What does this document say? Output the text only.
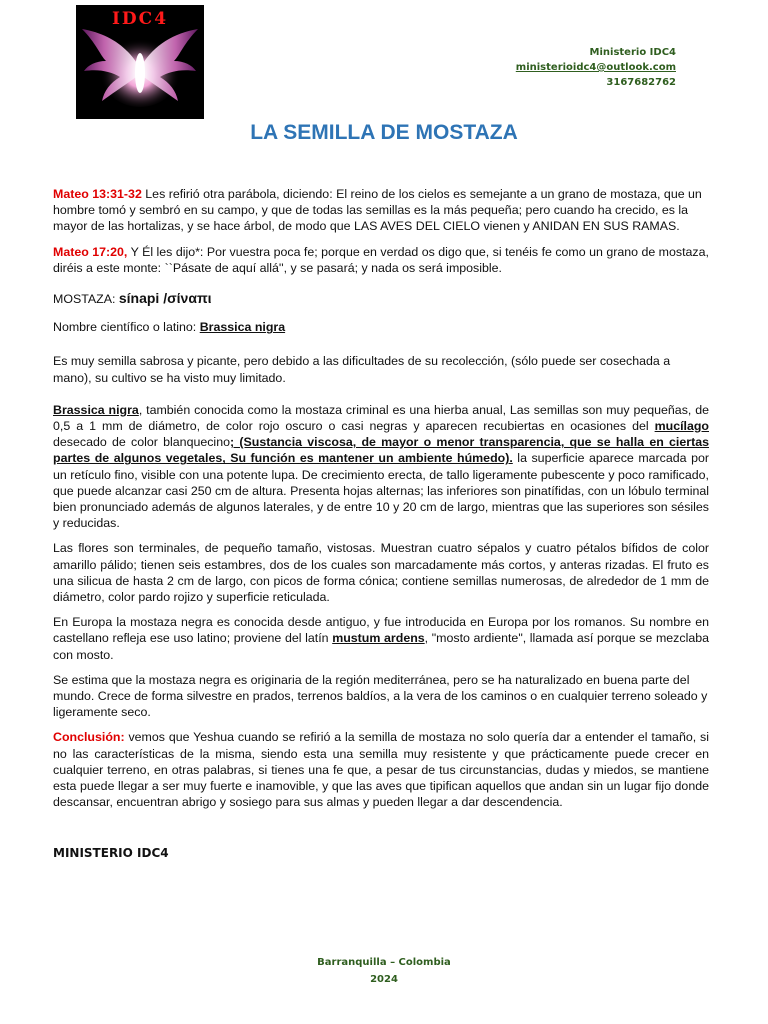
IDC4
Ministerio IDC4
ministerioidc4@outlook.com
3167682762
LA SEMILLA DE MOSTAZA

Mateo 13:31-32 Les refirió otra parábola, diciendo: El reino de los cielos es semejante a un grano de mostaza, que un hombre tomó y sembró en su campo, y que de todas las semillas es la más pequeña; pero cuando ha crecido, es la mayor de las hortalizas, y se hace árbol, de modo que LAS AVES DEL CIELO vienen y ANIDAN EN SUS RAMAS.

Mateo 17:20, Y Él les dijo*: Por vuestra poca fe; porque en verdad os digo que, si tenéis fe como un grano de mostaza, diréis a este monte: ``Pásate de aquí allá'', y se pasará; y nada os será imposible.

MOSTAZA: sínapi /σίναπι

Nombre científico o latino: Brassica nigra

Es muy semilla sabrosa y picante, pero debido a las dificultades de su recolección, (sólo puede ser cosechada a mano), su cultivo se ha visto muy limitado.

Brassica nigra, también conocida como la mostaza criminal es una hierba anual, Las semillas son muy pequeñas, de 0,5 a 1 mm de diámetro, de color rojo oscuro o casi negras y aparecen recubiertas en ocasiones del mucílago desecado de color blanquecino; (Sustancia viscosa, de mayor o menor transparencia, que se halla en ciertas partes de algunos vegetales, Su función es mantener un ambiente húmedo). la superficie aparece marcada por un retículo fino, visible con una potente lupa. De crecimiento erecta, de tallo ligeramente pubescente y poco ramificado, que puede alcanzar casi 250 cm de altura. Presenta hojas alternas; las inferiores son pinatífidas, con un lóbulo terminal bien pronunciado además de algunos laterales, y de entre 10 y 20 cm de largo, mientras que las superiores son sésiles y reducidas.

Las flores son terminales, de pequeño tamaño, vistosas. Muestran cuatro sépalos y cuatro pétalos bífidos de color amarillo pálido; tienen seis estambres, dos de los cuales son marcadamente más cortos, y anteras rizadas. El fruto es una silicua de hasta 2 cm de largo, con picos de forma cónica; contiene semillas numerosas, de alrededor de 1 mm de diámetro, color pardo rojizo y superficie reticulada.

En Europa la mostaza negra es conocida desde antiguo, y fue introducida en Europa por los romanos. Su nombre en castellano refleja ese uso latino; proviene del latín mustum ardens, "mosto ardiente", llamada así porque se mezclaba con mosto.

Se estima que la mostaza negra es originaria de la región mediterránea, pero se ha naturalizado en buena parte del mundo. Crece de forma silvestre en prados, terrenos baldíos, a la vera de los caminos o en cualquier terreno soleado y ligeramente seco.

Conclusión: vemos que Yeshua cuando se refirió a la semilla de mostaza no solo quería dar a entender el tamaño, si no las características de la misma, siendo esta una semilla muy resistente y que prácticamente puede crecer en cualquier terreno, en otras palabras, si tienes una fe que, a pesar de tus circunstancias, dudas y miedos, se mantiene esta puede llegar a ser muy fuerte e inamovible, y que las aves que tipifican aquellos que andan sin un lugar fijo donde descansar, encuentran abrigo y sosiego para sus almas y pueden llegar a dar descendencia.

MINISTERIO IDC4
Barranquilla – Colombia
2024
